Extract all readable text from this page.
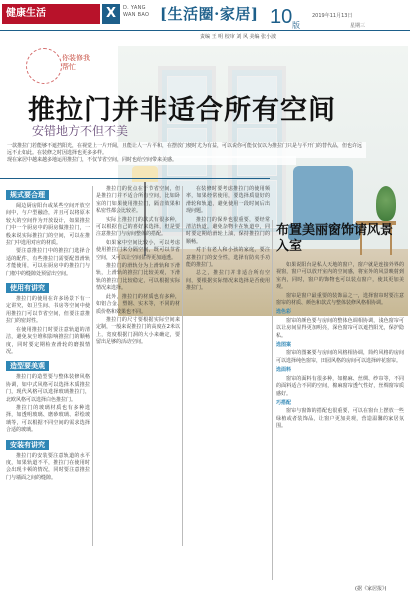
健康生活	X	D. YANG
WAN BAO [生活圈·家居] 10 版
2019年11月13日
星期三
责编 王 明 校审 刘 风 美编 张小波
你装修我帮忙
推拉门并非适合所有空间
安错地方不但不美
一款推拉门若能够不遮挡阳光，在视觉上一片开阔，且能让人一片平和，在摆放门便时尤为有益，可以说你可能仅仅以为推拉门只是与平开门的替代品，但也许远远不止如此。在装修之时因选择也更多多样。
现在家居中越来越多地运用推拉门，不仅节省空间，同时也给空间带来美感。
规式要合理

阔边厨房阳台或某些空间开放空间中，与户型融洽，并且可以将原本较大的空间作为开放设计，如果推拉门中一个厨房中的厨房做推拉门，一般来说实际推拉门的空间，可以在推拉门中选用对应的材质。

要注意推拉门中的推拉门选择合适的配件，有些推拉门需要配置滑轨才能使用，可以在厨房中的推拉门与门框中的缝隙处预留出空间。

使用有讲究

推拉门的使用在许多场景下有一定讲究，如卫生间、书房等空间中使用推拉门可以节省空间，但要注意推拉门的密封性。

在使用推拉门时要注意轨道的清洁，避免灰尘堆积影响推拉门的顺畅度，同时要定期检查滑轮的磨损情况。

造型要美观

推拉门的造型要与整体装修风格协调，如中式风格可以选择木质推拉门，现代风格可以选择玻璃推拉门，北欧风格可以选择白色推拉门。

推拉门的玻璃材质也有多种选择，如透明玻璃、磨砂玻璃、彩绘玻璃等，可以根据不同空间的需求选择合适的玻璃。

安装有讲究

推拉门的安装要注意轨道的水平度，如果轨道不平，推拉门在使用时会出现卡顿的情况，同时要注意推拉门与墙面之间的缝隙。

推拉门的优点在于节省空间，但是推拉门并不适合所有空间，比如卧室的门如果使用推拉门，隔音效果和私密性都会比较差。

实际上推拉门的款式有很多种，可以根据自己的喜好来选择，但是要注意推拉门与房间整体的搭配。

如果家中空间比较小，可以考虑使用推拉门来分隔空间，既可以节省空间，又可以让空间显得更加通透。

推拉门的滑轨分为上滑轨和下滑轨，上滑轨的推拉门比较美观，下滑轨的推拉门比较稳定，可以根据实际情况来选择。

此外，推拉门的材质也有多种，如铝合金、塑钢、实木等，不同的材质价格和效果也不同。

推拉门的尺寸要根据实际空间来定制，一般来说推拉门的高度在2米以上，宽度根据门洞的大小来确定，要留出足够的活动空间。

在装修时要考虑推拉门的使用频率，如果经常使用，要选择质量好的滑轮和轨道，避免使用一段时间后出现问题。

推拉门的保养也很重要，要经常清洁轨道，避免杂物卡在轨道中，同时要定期给滑轮上油，保持推拉门的顺畅。

对于有老人和小孩的家庭，要注意推拉门的安全性，选择有防夹手功能的推拉门。

总之，推拉门并非适合所有空间，要根据实际情况来选择是否使用推拉门。

布置美丽窗饰请风景入室

如果说阳台是私人天地的窗户，窗户就是连接外界的视窗，窗户可以放开室内的空间感，将室外的风景映射到室内，同时，窗户的饰物也可以装点窗户，使其更加美观。

窗帘是窗户最重要的装饰品之一，选择窗帘时要注意窗帘的材质、颜色和款式与整体装修风格相协调。

选色彩

窗帘的颜色要与房间的整体色调相协调，浅色窗帘可以让房间显得更加明亮，深色窗帘可以遮挡阳光，保护隐私。

选图案

窗帘的图案要与房间的风格相协调，简约风格的房间可以选择纯色窗帘，田园风格的房间可以选择碎花窗帘。

选面料

窗帘的面料有很多种，如棉麻、丝绸、纱帘等，不同的面料适合不同的空间，棉麻窗帘透气性好，丝绸窗帘质感好。

巧搭配

窗帘与窗饰的搭配也很重要，可以在窗台上摆放一些绿植或者装饰品，让窗户更加美观，营造温馨的家居氛围。

(据《家居报》)
